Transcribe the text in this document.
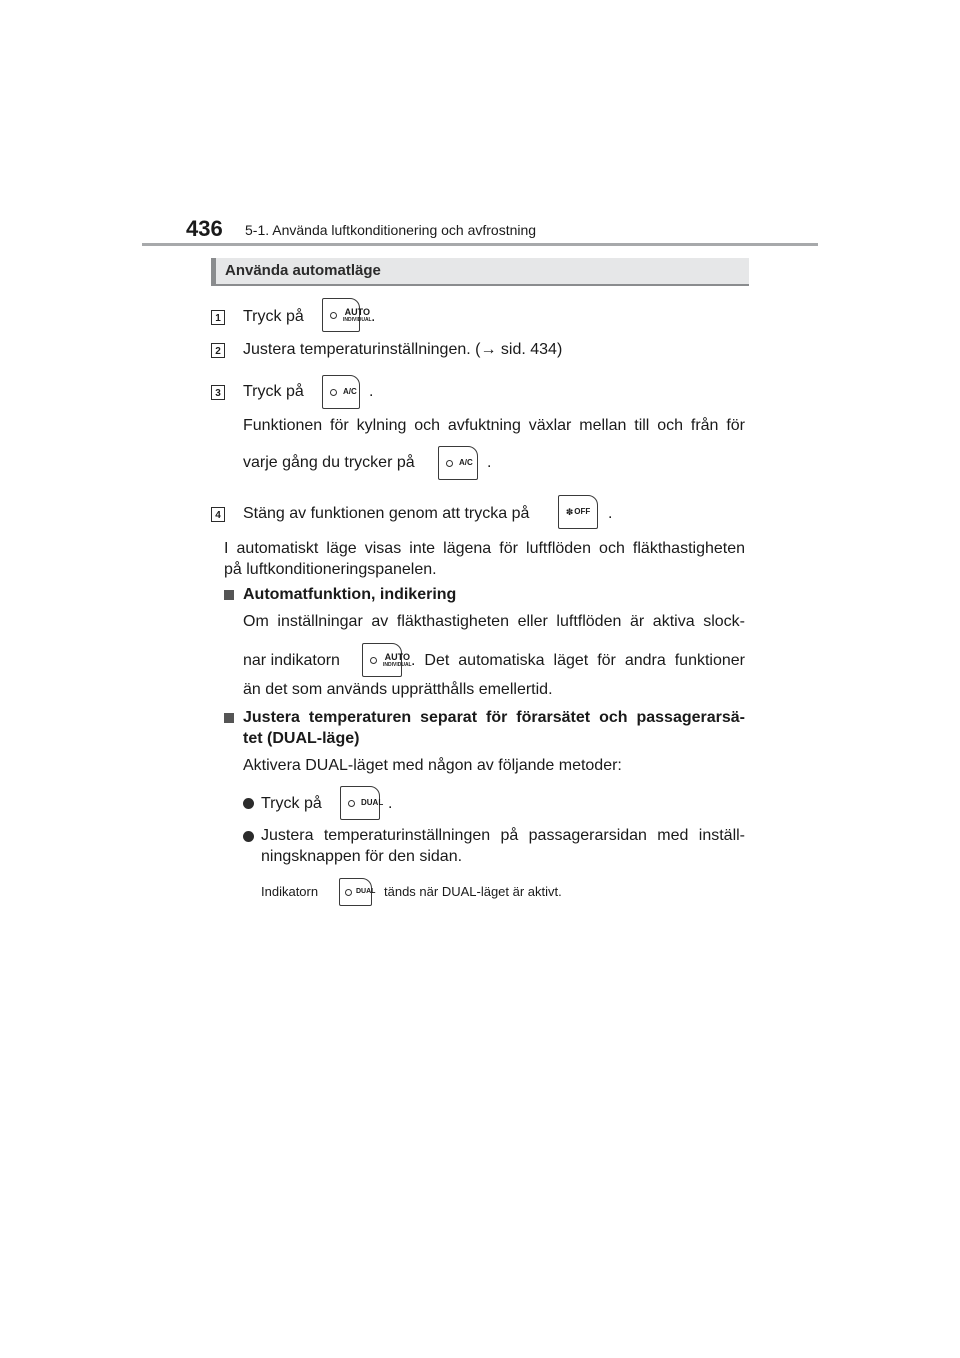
436 5-1. Använda luftkonditionering och avfrostning
Använda automatläge
1 Tryck på	AUTO
INDIVIDUAL .
2 Justera temperaturinställningen. (→ sid. 434)
3 Tryck på	A/C .
Funktionen för kylning och avfuktning växlar mellan till och från för
varje gång du trycker på	A/C .
4 Stäng av funktionen genom att trycka på	✽ OFF .
I automatiskt läge visas inte lägena för luftflöden och fläkthastigheten
på luftkonditioneringspanelen.
Automatfunktion, indikering
Om inställningar av fläkthastigheten eller luftflöden är aktiva slock-
nar indikatorn	AUTO
INDIVIDUAL . Det automatiska läget för andra funktioner
än det som används upprätthålls emellertid.
Justera temperaturen separat för förarsätet och passagerarsä-
tet (DUAL-läge)
Aktivera DUAL-läget med någon av följande metoder:
Tryck på	DUAL .
Justera temperaturinställningen på passagerarsidan med inställ-
ningsknappen för den sidan.
Indikatorn	DUAL tänds när DUAL-läget är aktivt.
